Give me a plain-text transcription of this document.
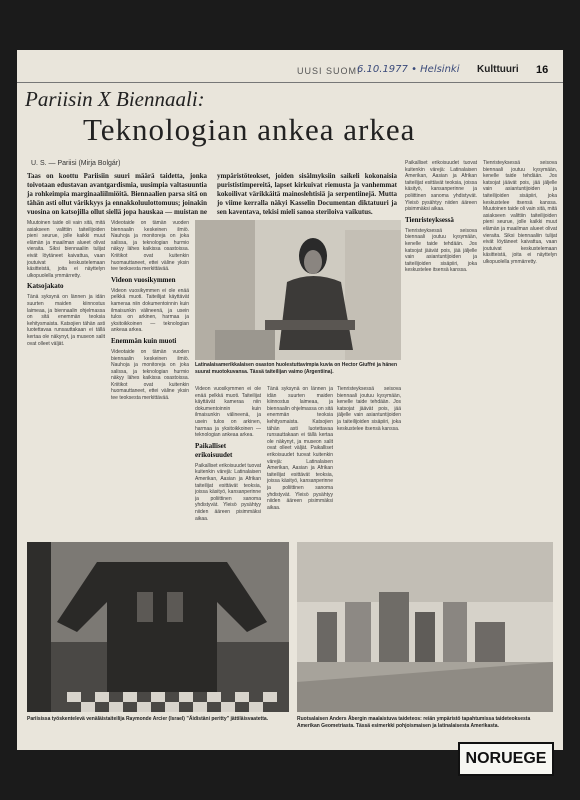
UUSI SUOMI
6.10.1977 • Helsinki Kulttuuri 16
Pariisin X Biennaali:
Teknologian ankea arkea
U. S. — Pariisi (Mirja Bolgár)

Taas on koottu Pariisiin suuri määrä taidetta, jonka toivotaan edustavan avantgardismia, uusimpia valtasuuntia ja rohkeimpia marginaaliilmiöitä. Biennaalien parsa sitä on tähän asti ollut värikkyys ja ennakkoluulottomuus; joinakin vuosina on katsojilla ollut siellä jopa hauskaa — muistan ne ympäristöteokset, joiden sisälmyksiin saikeli kokonaisia purististimpereitä, lapset kirkuivat riemusta ja vanhemmat kokoilivat värikkäitä mainoslehtisiä ja serpentiinejä. Mutta jo viime kerralla näkyi Kasselin Documentan diktatuuri ja sen kaventava, tekisi mieli sanoa steriloiva vaikutus.

Paikalliset erikoisuudet tuovat kuitenkin värejä: Latinalaisen Amerikan, Aasian ja Afrikan taiteilijat esittävät teoksia, joissa käsityö, kansanperinne ja poliittinen sanoma yhdistyvät. Yleisö pysähtyy niiden ääreen pisimmäksi aikaa.
Tienristeyksessä
Tienristeyksessä seisova biennaali joutuu kysymään, kenelle taide tehdään. Jos katsojat jäävät pois, jää jäljelle vain asiantuntijoiden ja taiteilijoiden sisäpiiri, joka keskustelee itsensä kanssa.
Tienristeyksessä seisova biennaali joutuu kysymään, kenelle taide tehdään. Jos katsojat jäävät pois, jää jäljelle vain asiantuntijoiden ja taiteilijoiden sisäpiiri, joka keskustelee itsensä kanssa. Muutoinen taide oli vain sitä, mitä asiakseen valittiin taiteilijoiden pieni seurue, jolle kaikki muut elämän ja maailman alueet olivat vieraita. Siksi biennaaliin tulijat eivät löytäneet kaivattua, vaan joutuivat keskustelemaan käsitteistä, joita ei näyttelyn ulkopuolella ymmärretty.
Muutoinen taide oli vain sitä, mitä asiakseen valittiin taiteilijoiden pieni seurue, jolle kaikki muut elämän ja maailman alueet olivat vieraita. Siksi biennaaliin tulijat eivät löytäneet kaivattua, vaan joutuivat keskustelemaan käsitteistä, joita ei näyttelyn ulkopuolella ymmärretty.
Katsojakato
Tänä syksynä on lännen ja idän suurten maiden kiinnostus laimeaa, ja biennaalin ohjelmassa on sitä enemmän teoksia kehitysmaista. Katsojien tähän asti luotettavaa runsauttakaan ei tällä kertaa ole näkynyt, ja museon salit ovat olleet väljät.
Videotaide on tämän vuoden biennaalin keskeinen ilmiö. Nauhoja ja monitoreja on joka salissa, ja teknologian hurmio näkyy lähes kaikissa osastoissa. Kriitikot ovat kuitenkin huomauttaneet, ettei väline yksin tee teoksesta merkittävää.
Videon vuosikymmen
Videon vuosikymmen ei ole enää pelkkä muoti. Taiteilijat käyttävät kameraa niin dokumentoinnin kuin ilmaisunkin välineenä, ja usein tulos on arkinen, harmaa ja yksitoikkoinen — teknologian ankeaa arkea.
Enemmän kuin muoti
Videotaide on tämän vuoden biennaalin keskeinen ilmiö. Nauhoja ja monitoreja on joka salissa, ja teknologian hurmio näkyy lähes kaikissa osastoissa. Kriitikot ovat kuitenkin huomauttaneet, ettei väline yksin tee teoksesta merkittävää.
Latinalaisamerikkalaisen osaston huolestuttavimpia kuvia on Hector Giuffré ja hänen suurat muotokuvansa. Tässä taiteilijan vaimo (Argentiina).
Videon vuosikymmen ei ole enää pelkkä muoti. Taiteilijat käyttävät kameraa niin dokumentoinnin kuin ilmaisunkin välineenä, ja usein tulos on arkinen, harmaa ja yksitoikkoinen — teknologian ankeaa arkea.
Paikalliset erikoisuudet
Paikalliset erikoisuudet tuovat kuitenkin värejä: Latinalaisen Amerikan, Aasian ja Afrikan taiteilijat esittävät teoksia, joissa käsityö, kansanperinne ja poliittinen sanoma yhdistyvät. Yleisö pysähtyy niiden ääreen pisimmäksi aikaa.
Tänä syksynä on lännen ja idän suurten maiden kiinnostus laimeaa, ja biennaalin ohjelmassa on sitä enemmän teoksia kehitysmaista. Katsojien tähän asti luotettavaa runsauttakaan ei tällä kertaa ole näkynyt, ja museon salit ovat olleet väljät. Paikalliset erikoisuudet tuovat kuitenkin värejä: Latinalaisen Amerikan, Aasian ja Afrikan taiteilijat esittävät teoksia, joissa käsityö, kansanperinne ja poliittinen sanoma yhdistyvät. Yleisö pysähtyy niiden ääreen pisimmäksi aikaa.
Tienristeyksessä seisova biennaali joutuu kysymään, kenelle taide tehdään. Jos katsojat jäävät pois, jää jäljelle vain asiantuntijoiden ja taiteilijoiden sisäpiiri, joka keskustelee itsensä kanssa.
Pariisissa työskentelevä venäläistaiteilija Raymonde Arcier (Israel) ”Äidistäni peritty” jättiläisvaatetta.	Ruotsalaisen Anders Åbergin maalaistuva taideteos: reiän ympäristö tapahtumissa taideteoksesta Amerikan Geometriasta. Tässä esimerkki pohjoismaisen ja latinalaisesta Amerikasta.
NORUEGE
